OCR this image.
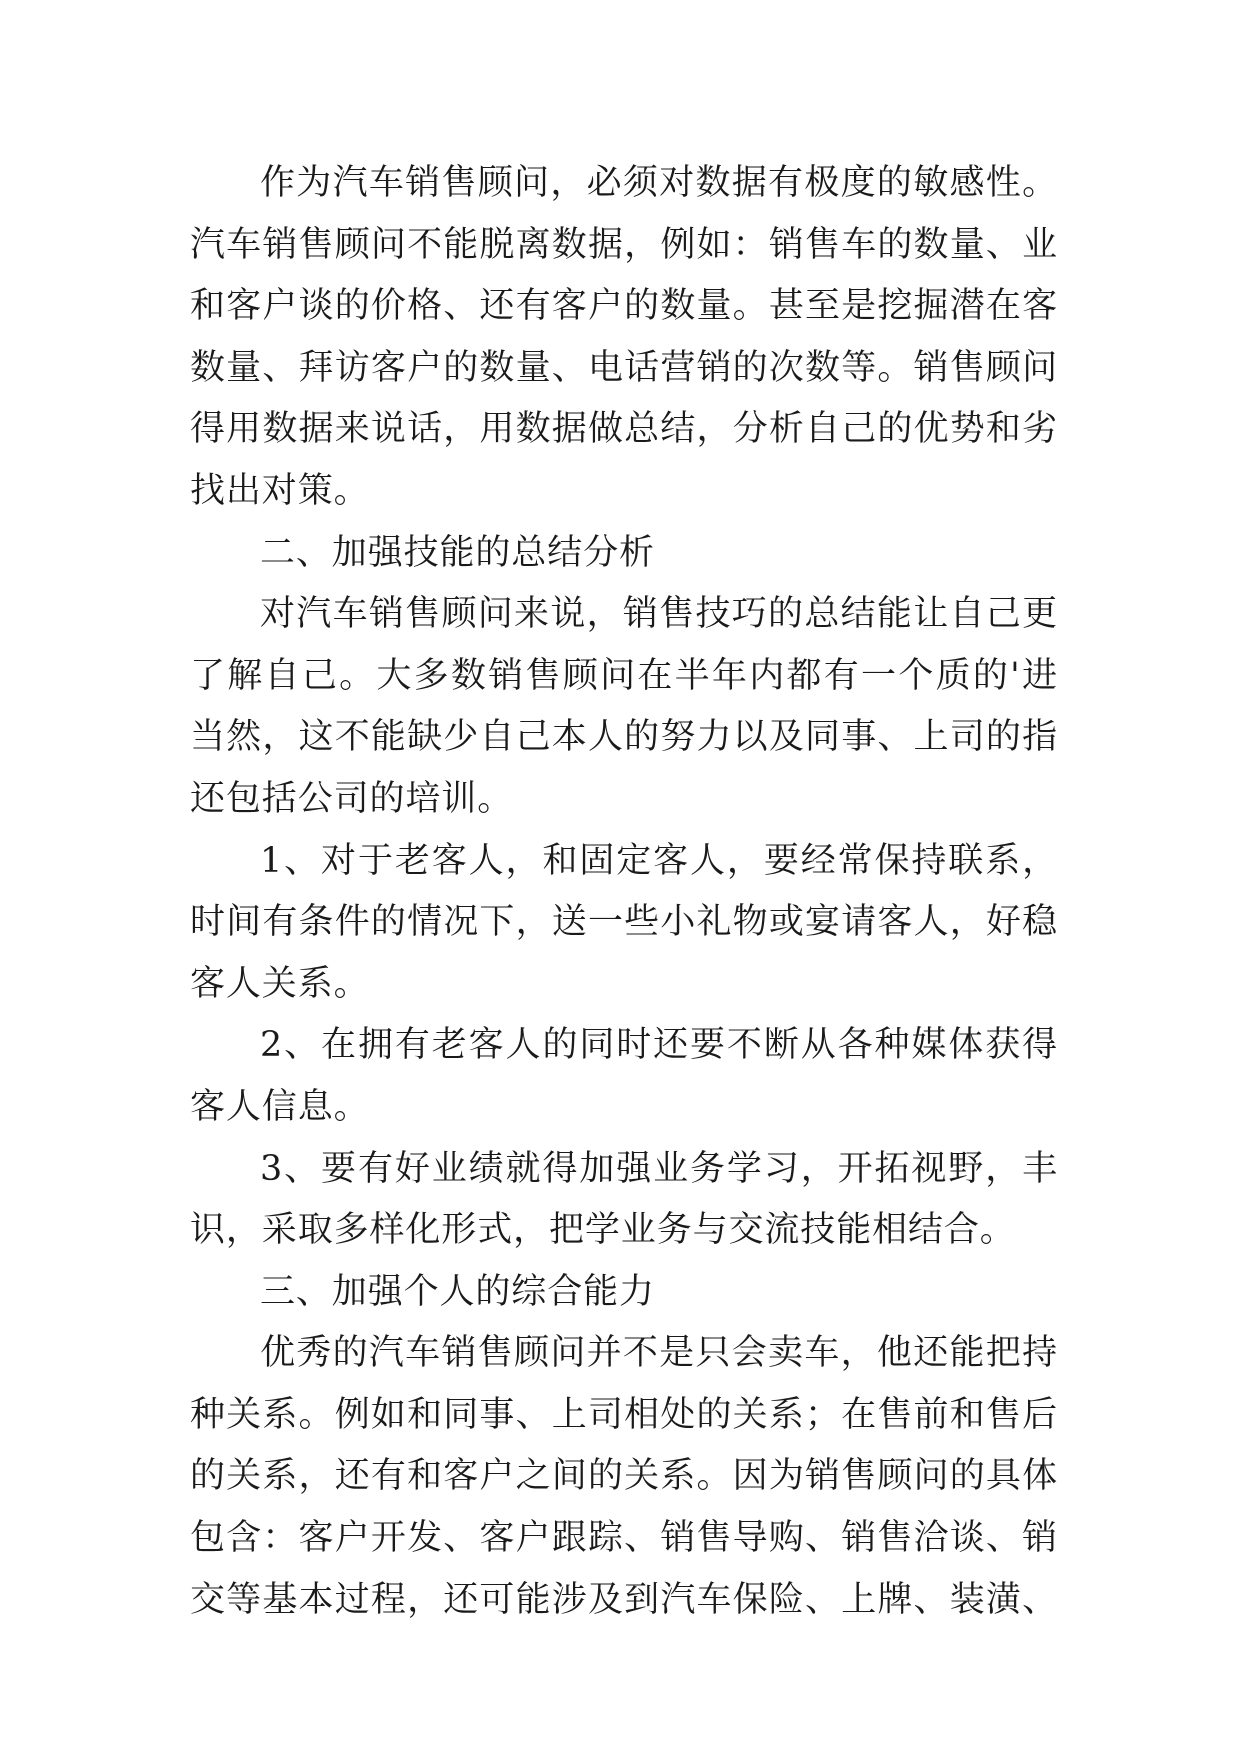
作为汽车销售顾问，必须对数据有极度的敏感性。
汽车销售顾问不能脱离数据，例如：销售车的数量、业
和客户谈的价格、还有客户的数量。甚至是挖掘潜在客
数量、拜访客户的数量、电话营销的次数等。销售顾问
得用数据来说话，用数据做总结，分析自己的优势和劣
找出对策。
二、加强技能的总结分析
对汽车销售顾问来说，销售技巧的总结能让自己更
了解自己。大多数销售顾问在半年内都有一个质的'进
当然，这不能缺少自己本人的努力以及同事、上司的指
还包括公司的培训。
1、对于老客人，和固定客人，要经常保持联系，
时间有条件的情况下，送一些小礼物或宴请客人，好稳
客人关系。
2、在拥有老客人的同时还要不断从各种媒体获得
客人信息。
3、要有好业绩就得加强业务学习，开拓视野，丰
识，采取多样化形式，把学业务与交流技能相结合。
三、加强个人的综合能力
优秀的汽车销售顾问并不是只会卖车，他还能把持
种关系。例如和同事、上司相处的关系；在售前和售后
的关系，还有和客户之间的关系。因为销售顾问的具体
包含：客户开发、客户跟踪、销售导购、销售洽谈、销
交等基本过程，还可能涉及到汽车保险、上牌、装潢、
